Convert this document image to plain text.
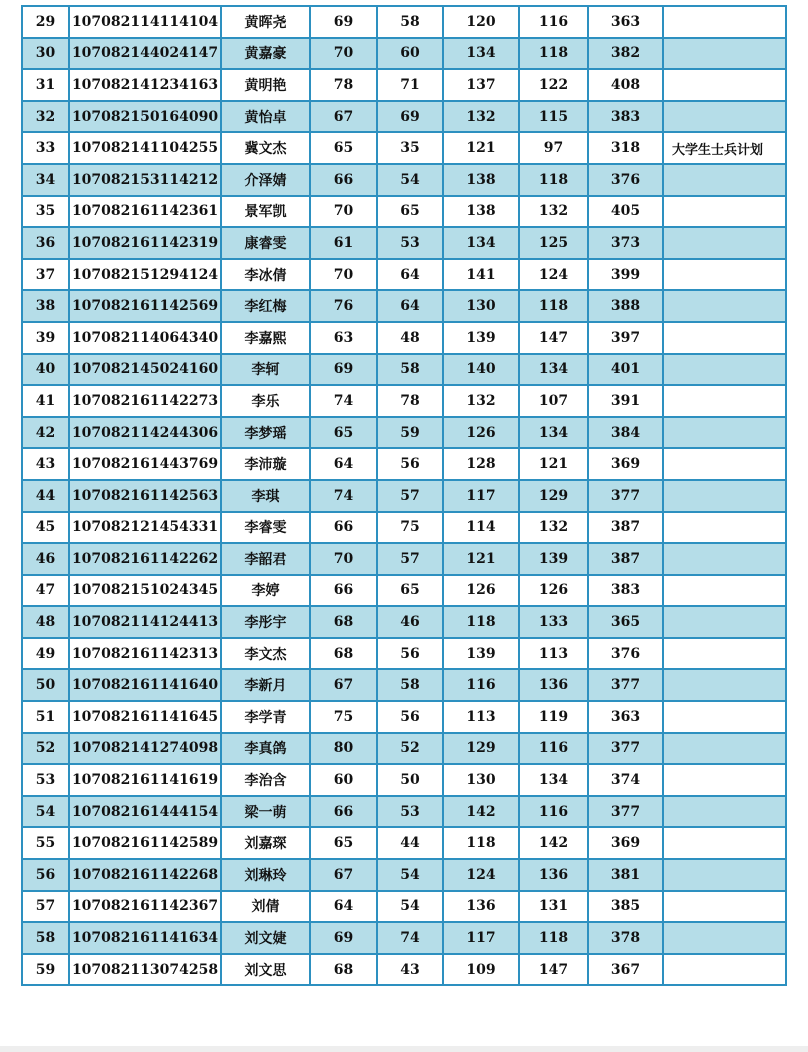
29	107082114114104	黄晖尧	69	58	120	116	363	
30	107082144024147	黄嘉豪	70	60	134	118	382	
31	107082141234163	黄明艳	78	71	137	122	408	
32	107082150164090	黄怡卓	67	69	132	115	383	
33	107082141104255	冀文杰	65	35	121	97	318	大学生士兵计划
34	107082153114212	介泽婧	66	54	138	118	376	
35	107082161142361	景军凯	70	65	138	132	405	
36	107082161142319	康睿雯	61	53	134	125	373	
37	107082151294124	李冰倩	70	64	141	124	399	
38	107082161142569	李红梅	76	64	130	118	388	
39	107082114064340	李嘉熙	63	48	139	147	397	
40	107082145024160	李轲	69	58	140	134	401	
41	107082161142273	李乐	74	78	132	107	391	
42	107082114244306	李梦瑶	65	59	126	134	384	
43	107082161443769	李沛璇	64	56	128	121	369	
44	107082161142563	李琪	74	57	117	129	377	
45	107082121454331	李睿雯	66	75	114	132	387	
46	107082161142262	李韶君	70	57	121	139	387	
47	107082151024345	李婷	66	65	126	126	383	
48	107082114124413	李彤宇	68	46	118	133	365	
49	107082161142313	李文杰	68	56	139	113	376	
50	107082161141640	李新月	67	58	116	136	377	
51	107082161141645	李学青	75	56	113	119	363	
52	107082141274098	李真鸽	80	52	129	116	377	
53	107082161141619	李治含	60	50	130	134	374	
54	107082161444154	梁一萌	66	53	142	116	377	
55	107082161142589	刘嘉琛	65	44	118	142	369	
56	107082161142268	刘琳玲	67	54	124	136	381	
57	107082161142367	刘倩	64	54	136	131	385	
58	107082161141634	刘文婕	69	74	117	118	378	
59	107082113074258	刘文思	68	43	109	147	367	
